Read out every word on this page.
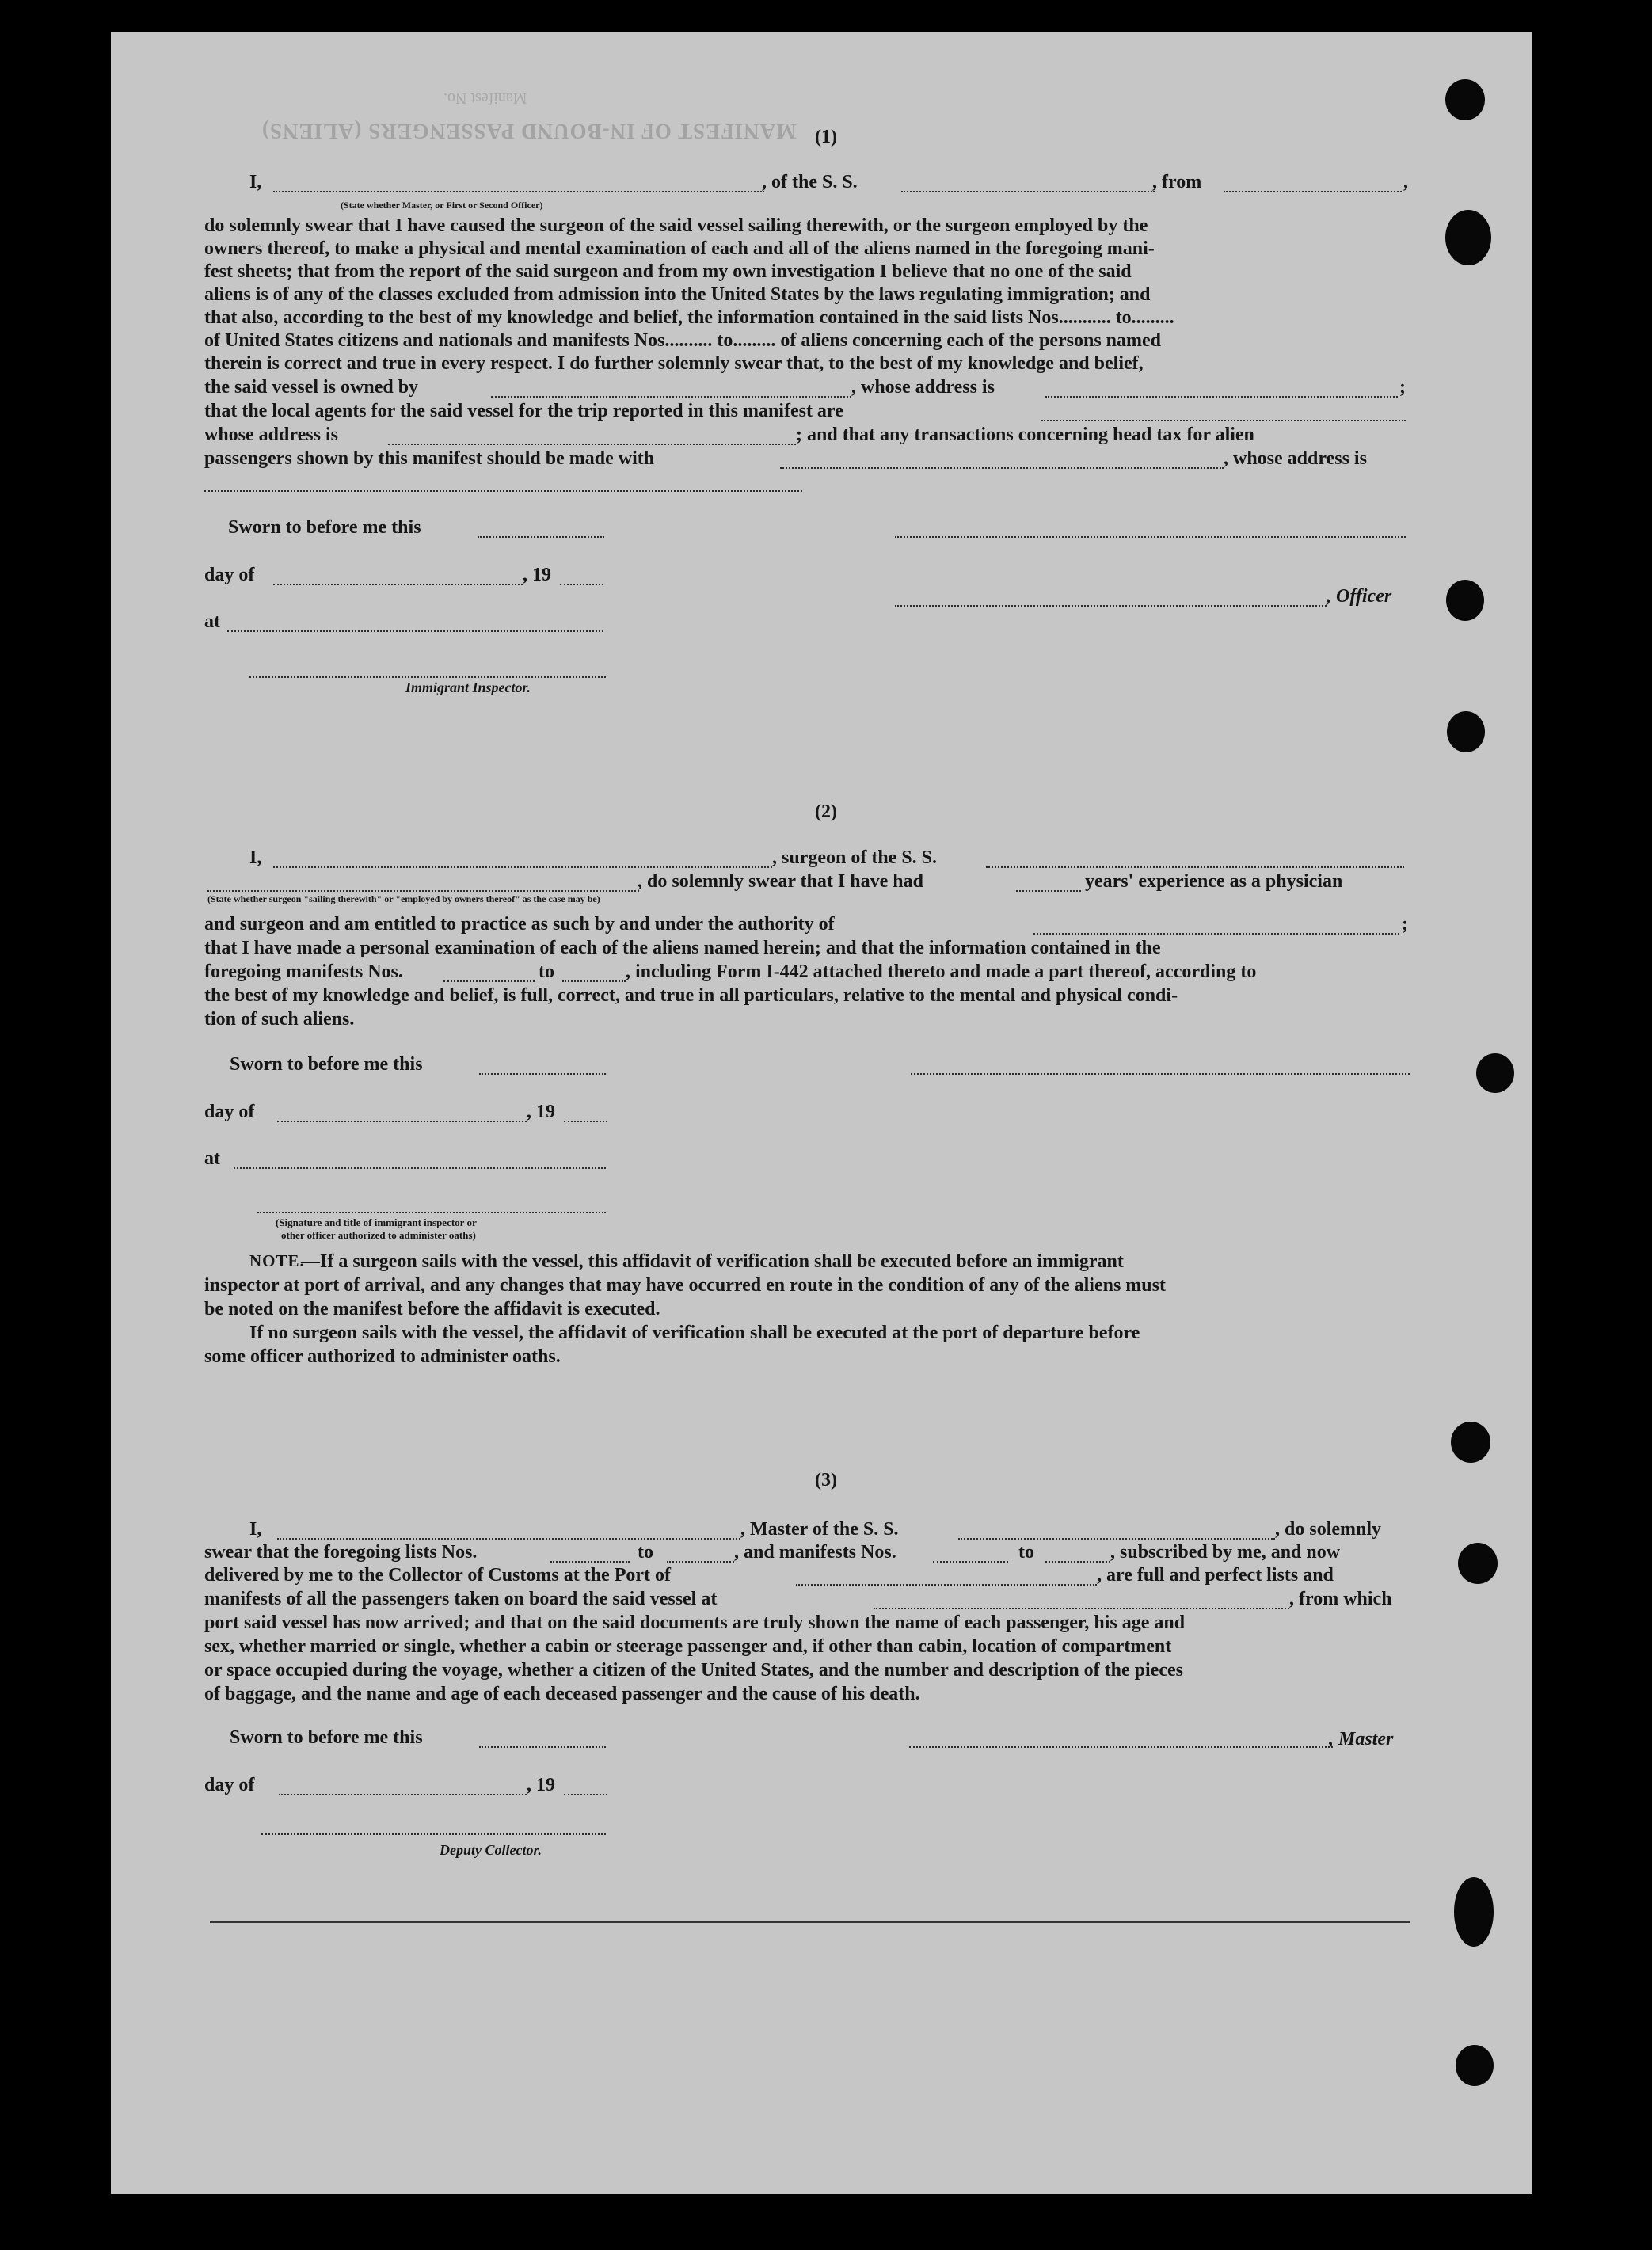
MANIFEST OF IN-BOUND PASSENGERS (ALIENS)
Manifest No.
(1)
I,	, of the S. S.	, from	,
(State whether Master, or First or Second Officer)
do solemnly swear that I have caused the surgeon of the said vessel sailing therewith, or the surgeon employed by the
owners thereof, to make a physical and mental examination of each and all of the aliens named in the foregoing mani-
fest sheets; that from the report of the said surgeon and from my own investigation I believe that no one of the said
aliens is of any of the classes excluded from admission into the United States by the laws regulating immigration; and
that also, according to the best of my knowledge and belief, the information contained in the said lists Nos........... to.........
of United States citizens and nationals and manifests Nos.......... to......... of aliens concerning each of the persons named
therein is correct and true in every respect. I do further solemnly swear that, to the best of my knowledge and belief,
the said vessel is owned by	, whose address is	;
that the local agents for the said vessel for the trip reported in this manifest are
whose address is	; and that any transactions concerning head tax for alien
passengers shown by this manifest should be made with	, whose address is
Sworn to before me this
day of	, 19
, Officer
at
Immigrant Inspector.
(2)
I,	, surgeon of the S. S.
, do solemnly swear that I have had	years' experience as a physician
(State whether surgeon "sailing therewith" or "employed by owners thereof" as the case may be)
and surgeon and am entitled to practice as such by and under the authority of	;
that I have made a personal examination of each of the aliens named herein; and that the information contained in the
foregoing manifests Nos.	to	, including Form I-442 attached thereto and made a part thereof, according to
the best of my knowledge and belief, is full, correct, and true in all particulars, relative to the mental and physical condi-
tion of such aliens.
Sworn to before me this
day of	, 19
at
(Signature and title of immigrant inspector or
other officer authorized to administer oaths)
NOTE.
—If a surgeon sails with the vessel, this affidavit of verification shall be executed before an immigrant
inspector at port of arrival, and any changes that may have occurred en route in the condition of any of the aliens must
be noted on the manifest before the affidavit is executed.
If no surgeon sails with the vessel, the affidavit of verification shall be executed at the port of departure before
some officer authorized to administer oaths.
(3)
I,	, Master of the S. S.	, do solemnly
swear that the foregoing lists Nos.	to	, and manifests Nos.	to	, subscribed by me, and now
delivered by me to the Collector of Customs at the Port of	, are full and perfect lists and
manifests of all the passengers taken on board the said vessel at	, from which
port said vessel has now arrived; and that on the said documents are truly shown the name of each passenger, his age and
sex, whether married or single, whether a cabin or steerage passenger and, if other than cabin, location of compartment
or space occupied during the voyage, whether a citizen of the United States, and the number and description of the pieces
of baggage, and the name and age of each deceased passenger and the cause of his death.
Sworn to before me this	, Master
day of	, 19
Deputy Collector.
